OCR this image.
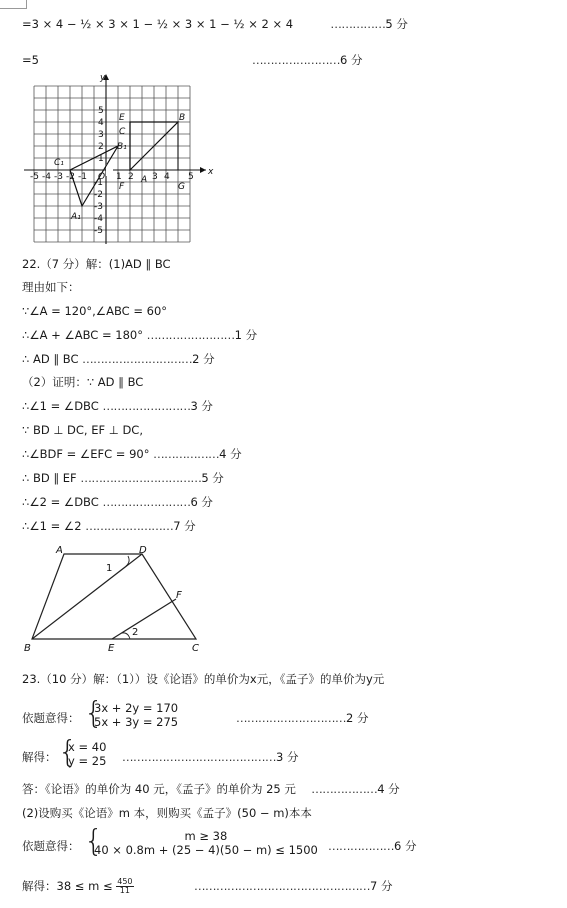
=3 × 4 − ½ × 3 × 1 − ½ × 3 × 1 − ½ × 2 × 4	……………5 分
=5	……………………6 分
x
y
-5 -4 -3 -2 -1 O 1 2 3 4 5
5
4
3
2
1
-1
-2
-3
-4
-5
A
B
C
E
F	G
B₁
C₁
A₁
22.（7 分）解：(1)AD ∥ BC
理由如下：
∵∠A = 120°,∠ABC = 60°
∴∠A + ∠ABC = 180° ……………………1 分
∴ AD ∥ BC …………………………2 分
（2）证明：∵ AD ∥ BC
∴∠1 = ∠DBC ……………………3 分
∵ BD ⊥ DC, EF ⊥ DC,
∴∠BDF = ∠EFC = 90° ………………4 分
∴ BD ∥ EF ……………………………5 分
∴∠2 = ∠DBC ……………………6 分
∴∠1 = ∠2 ……………………7 分
A	D
B	E	C
F
1
2
23.（10 分）解：（1））设《论语》的单价为x元，《孟子》的单价为y元
依题意得： {
3x + 2y = 170
5x + 3y = 275	…………………………2 分
解得： {
x = 40
y = 25 ……………………………………3 分
答：《论语》的单价为 40 元，《孟子》的单价为 25 元 ………………4 分
(2)设购买《论语》m 本，则购买《孟子》(50 − m)本本
依题意得： {	m ≥ 38
40 × 0.8m + (25 − 4)(50 − m) ≤ 1500 ………………6 分
解得：$38 \le m \le \frac{450}{11}$	…………………………………………7 分
